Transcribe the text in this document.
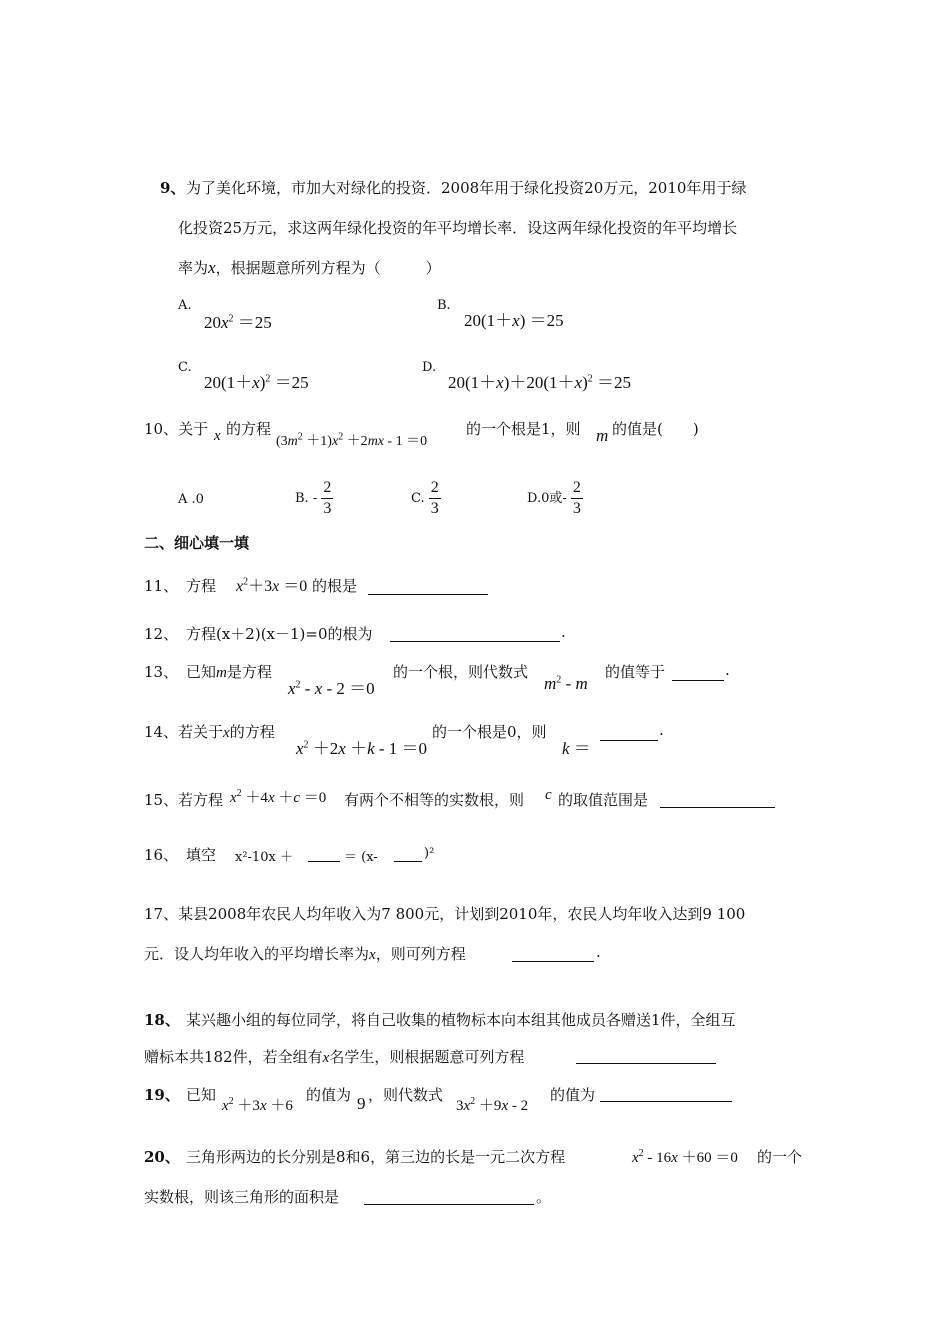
9、 为了美化环境，市加大对绿化的投资．2008年用于绿化投资20万元，2010年用于绿
化投资25万元，求这两年绿化投资的年平均增长率．设这两年绿化投资的年平均增长
率为x，根据题意所列方程为（　　　）
A.
$20x^2 =25$
B.
20(1＋x) ＝25
C.
$20(1+x)^2 =25$
D.
$20(1+x)+20(1+x)^2 =25$
10、关于 x 的方程
$(3m^2 +1)x^2 +2mx - 1 =0$
的一个根是1，则 m 的值是(　　)
A .0	B. - $\frac{2}{3}$	C. $\frac{2}{3}$	D.0或- $\frac{2}{3}$
二、细心填一填
11、 方程 $x^2+3x =0$ 的根是
12、 方程(x＋2)(x－1)=0的根为	.
13、 已知m是方程
$x^2 - x - 2 =0$
的一个根，则代数式
$m^2$ - m
的值等于	.
14、 若关于x的方程
$x^2 +2x +k - 1 =0$
的一个根是0，则
k ＝
.
15、 若方程 $x^2 +4x +c =0$ 有两个不相等的实数根，则 c 的取值范围是
16、 填空 x²-10x ＋	＝ (x-	)²
17、某县2008年农民人均年收入为7 800元，计划到2010年，农民人均年收入达到9 100
元．设人均年收入的平均增长率为x，则可列方程	.
18、 某兴趣小组的每位同学，将自己收集的植物标本向本组其他成员各赠送1件，全组互
赠标本共182件，若全组有x名学生，则根据题意可列方程
19、 已知
$x^2 +3x +6$
的值为 9 ，则代数式
$3x^2 +9x - 2$
的值为
20、 三角形两边的长分别是8和6，第三边的长是一元二次方程	$x^2 - 16x +60 =0$ 的一个
实数根，则该三角形的面积是	。
